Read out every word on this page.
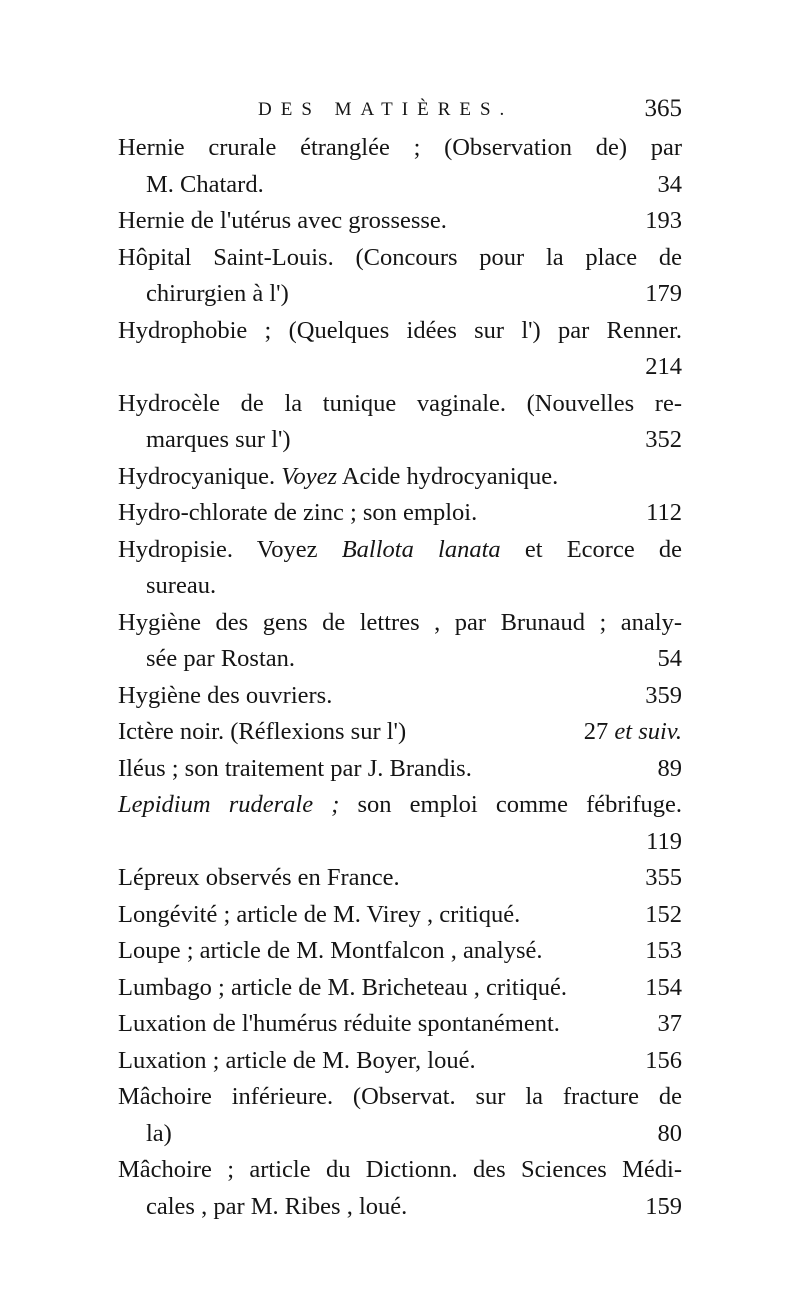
DES MATIÈRES.	365
Hernie crurale étranglée ; (Observation de) par
M. Chatard.	34
Hernie de l'utérus avec grossesse.	193
Hôpital Saint-Louis. (Concours pour la place de
chirurgien à l')	179
Hydrophobie ; (Quelques idées sur l') par Renner.
214
Hydrocèle de la tunique vaginale. (Nouvelles re-
marques sur l')	352
Hydrocyanique. Voyez Acide hydrocyanique.
Hydro-chlorate de zinc ; son emploi.	112
Hydropisie. Voyez Ballota lanata et Ecorce de
sureau.
Hygiène des gens de lettres , par Brunaud ; analy-
sée par Rostan.	54
Hygiène des ouvriers.	359
Ictère noir. (Réflexions sur l')	27 et suiv.
Iléus ; son traitement par J. Brandis.	89
Lepidium ruderale ; son emploi comme fébrifuge.
119
Lépreux observés en France.	355
Longévité ; article de M. Virey , critiqué.	152
Loupe ; article de M. Montfalcon , analysé.	153
Lumbago ; article de M. Bricheteau , critiqué.	154
Luxation de l'humérus réduite spontanément.	37
Luxation ; article de M. Boyer, loué.	156
Mâchoire inférieure. (Observat. sur la fracture de
la)	80
Mâchoire ; article du Dictionn. des Sciences Médi-
cales , par M. Ribes , loué.	159
